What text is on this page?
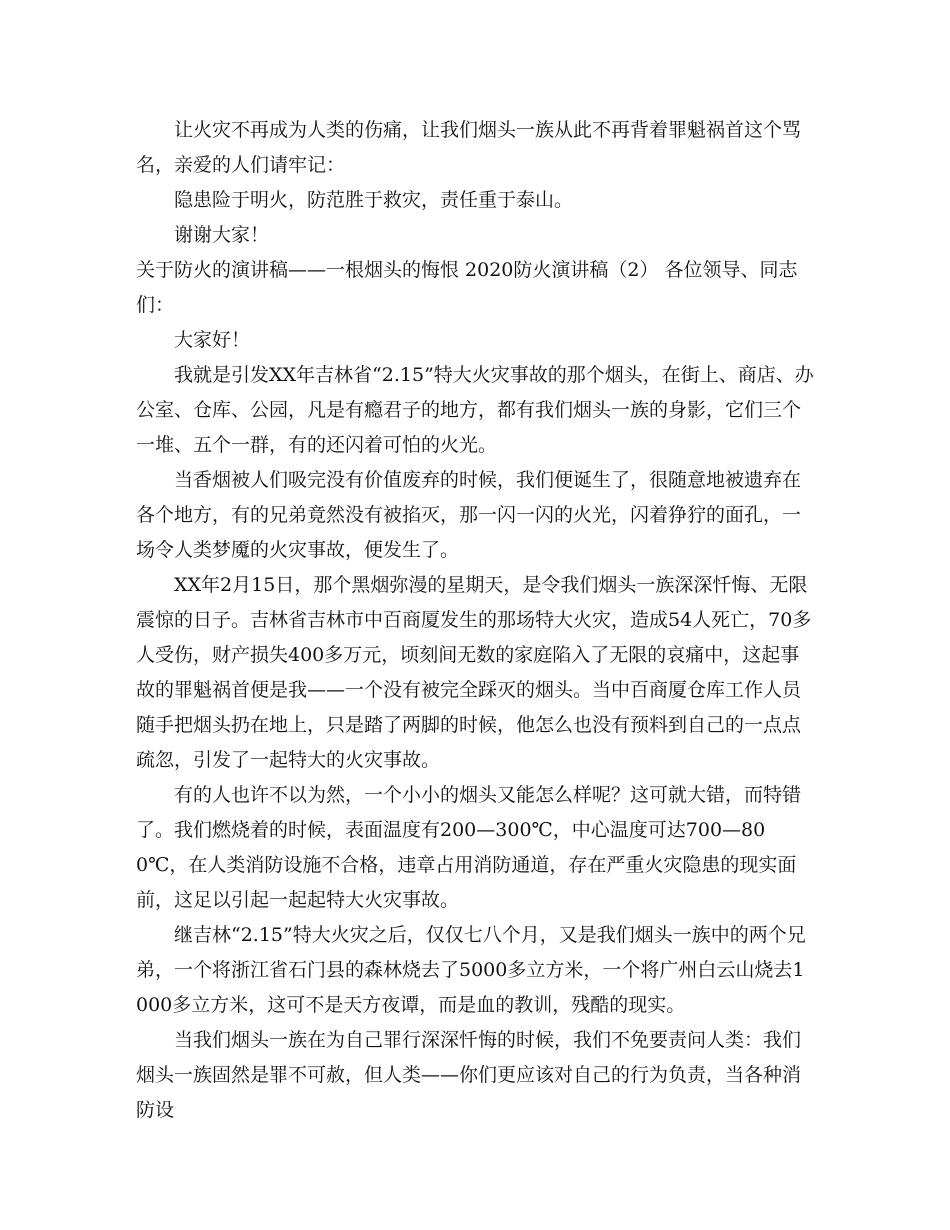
让火灾不再成为人类的伤痛，让我们烟头一族从此不再背着罪魁祸首这个骂名，亲爱的人们请牢记：

隐患险于明火，防范胜于救灾，责任重于泰山。

谢谢大家！

关于防火的演讲稿——一根烟头的悔恨 2020防火演讲稿（2） 各位领导、同志们：

大家好！

我就是引发XX年吉林省“2.15”特大火灾事故的那个烟头，在街上、商店、办公室、仓库、公园，凡是有瘾君子的地方，都有我们烟头一族的身影，它们三个一堆、五个一群，有的还闪着可怕的火光。

当香烟被人们吸完没有价值废弃的时候，我们便诞生了，很随意地被遗弃在各个地方，有的兄弟竟然没有被掐灭，那一闪一闪的火光，闪着狰狞的面孔，一场令人类梦魇的火灾事故，便发生了。

XX年2月15日，那个黑烟弥漫的星期天，是令我们烟头一族深深忏悔、无限震惊的日子。吉林省吉林市中百商厦发生的那场特大火灾，造成54人死亡，70多人受伤，财产损失400多万元，顷刻间无数的家庭陷入了无限的哀痛中，这起事故的罪魁祸首便是我——一个没有被完全踩灭的烟头。当中百商厦仓库工作人员随手把烟头扔在地上，只是踏了两脚的时候，他怎么也没有预料到自己的一点点疏忽，引发了一起特大的火灾事故。

有的人也许不以为然，一个小小的烟头又能怎么样呢？这可就大错，而特错了。我们燃烧着的时候，表面温度有200—300℃，中心温度可达700—800℃，在人类消防设施不合格，违章占用消防通道，存在严重火灾隐患的现实面前，这足以引起一起起特大火灾事故。

继吉林“2.15”特大火灾之后，仅仅七八个月，又是我们烟头一族中的两个兄弟，一个将浙江省石门县的森林烧去了5000多立方米，一个将广州白云山烧去1000多立方米，这可不是天方夜谭，而是血的教训，残酷的现实。

当我们烟头一族在为自己罪行深深忏悔的时候，我们不免要责问人类：我们烟头一族固然是罪不可赦，但人类——你们更应该对自己的行为负责，当各种消防设
